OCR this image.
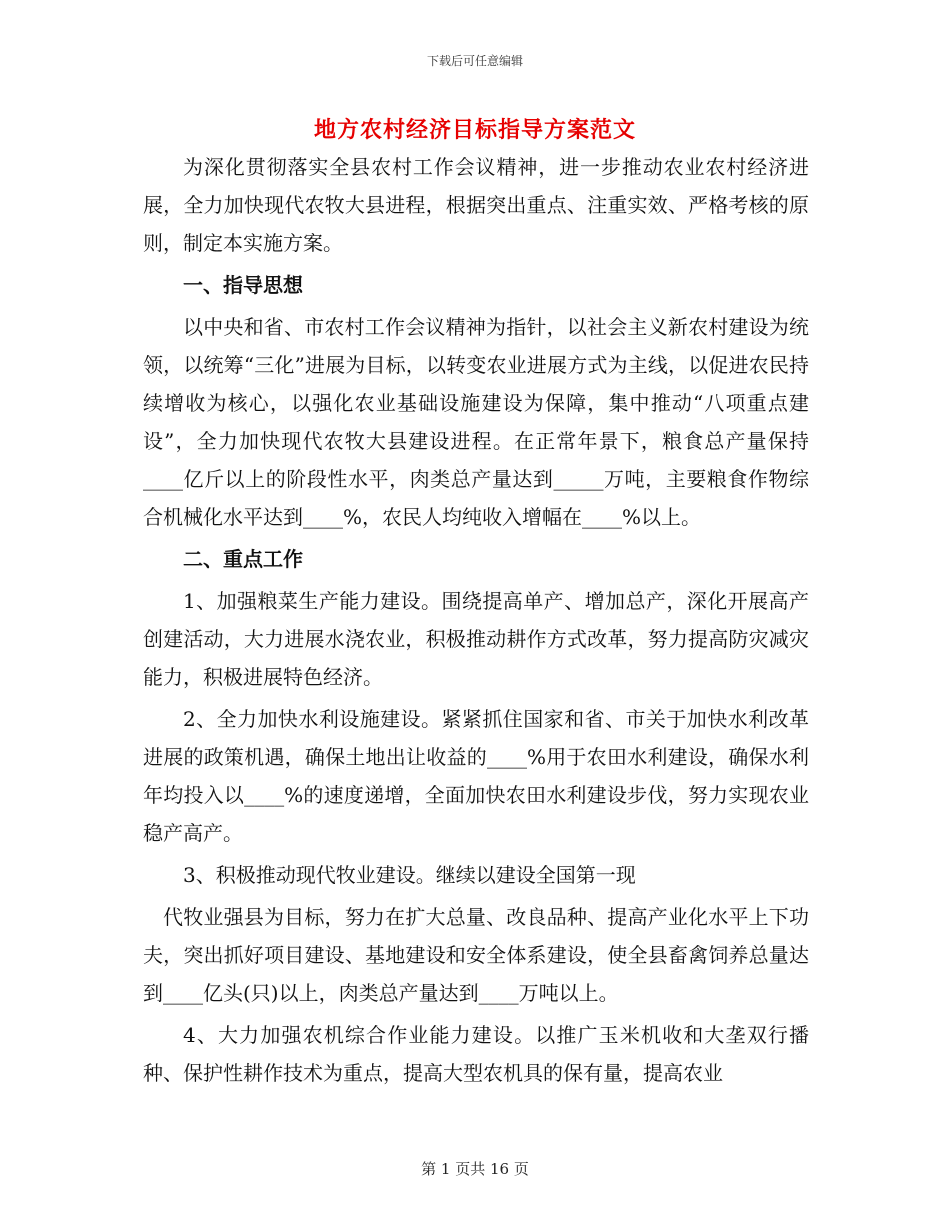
下载后可任意编辑
地方农村经济目标指导方案范文

为深化贯彻落实全县农村工作会议精神，进一步推动农业农村经济进展，全力加快现代农牧大县进程，根据突出重点、注重实效、严格考核的原则，制定本实施方案。

一、指导思想

以中央和省、市农村工作会议精神为指针，以社会主义新农村建设为统领，以统筹“三化”进展为目标，以转变农业进展方式为主线，以促进农民持续增收为核心，以强化农业基础设施建设为保障，集中推动“八项重点建设”，全力加快现代农牧大县建设进程。在正常年景下，粮食总产量保持____亿斤以上的阶段性水平，肉类总产量达到_____万吨，主要粮食作物综合机械化水平达到____%，农民人均纯收入增幅在____%以上。

二、重点工作

1、加强粮菜生产能力建设。围绕提高单产、增加总产，深化开展高产创建活动，大力进展水浇农业，积极推动耕作方式改革，努力提高防灾减灾能力，积极进展特色经济。

2、全力加快水利设施建设。紧紧抓住国家和省、市关于加快水利改革进展的政策机遇，确保土地出让收益的____%用于农田水利建设，确保水利年均投入以____%的速度递增，全面加快农田水利建设步伐，努力实现农业稳产高产。

3、积极推动现代牧业建设。继续以建设全国第一现

代牧业强县为目标，努力在扩大总量、改良品种、提高产业化水平上下功夫，突出抓好项目建设、基地建设和安全体系建设，使全县畜禽饲养总量达到____亿头(只)以上，肉类总产量达到____万吨以上。

4、大力加强农机综合作业能力建设。以推广玉米机收和大垄双行播种、保护性耕作技术为重点，提高大型农机具的保有量，提高农业

第 1 页共 16 页
